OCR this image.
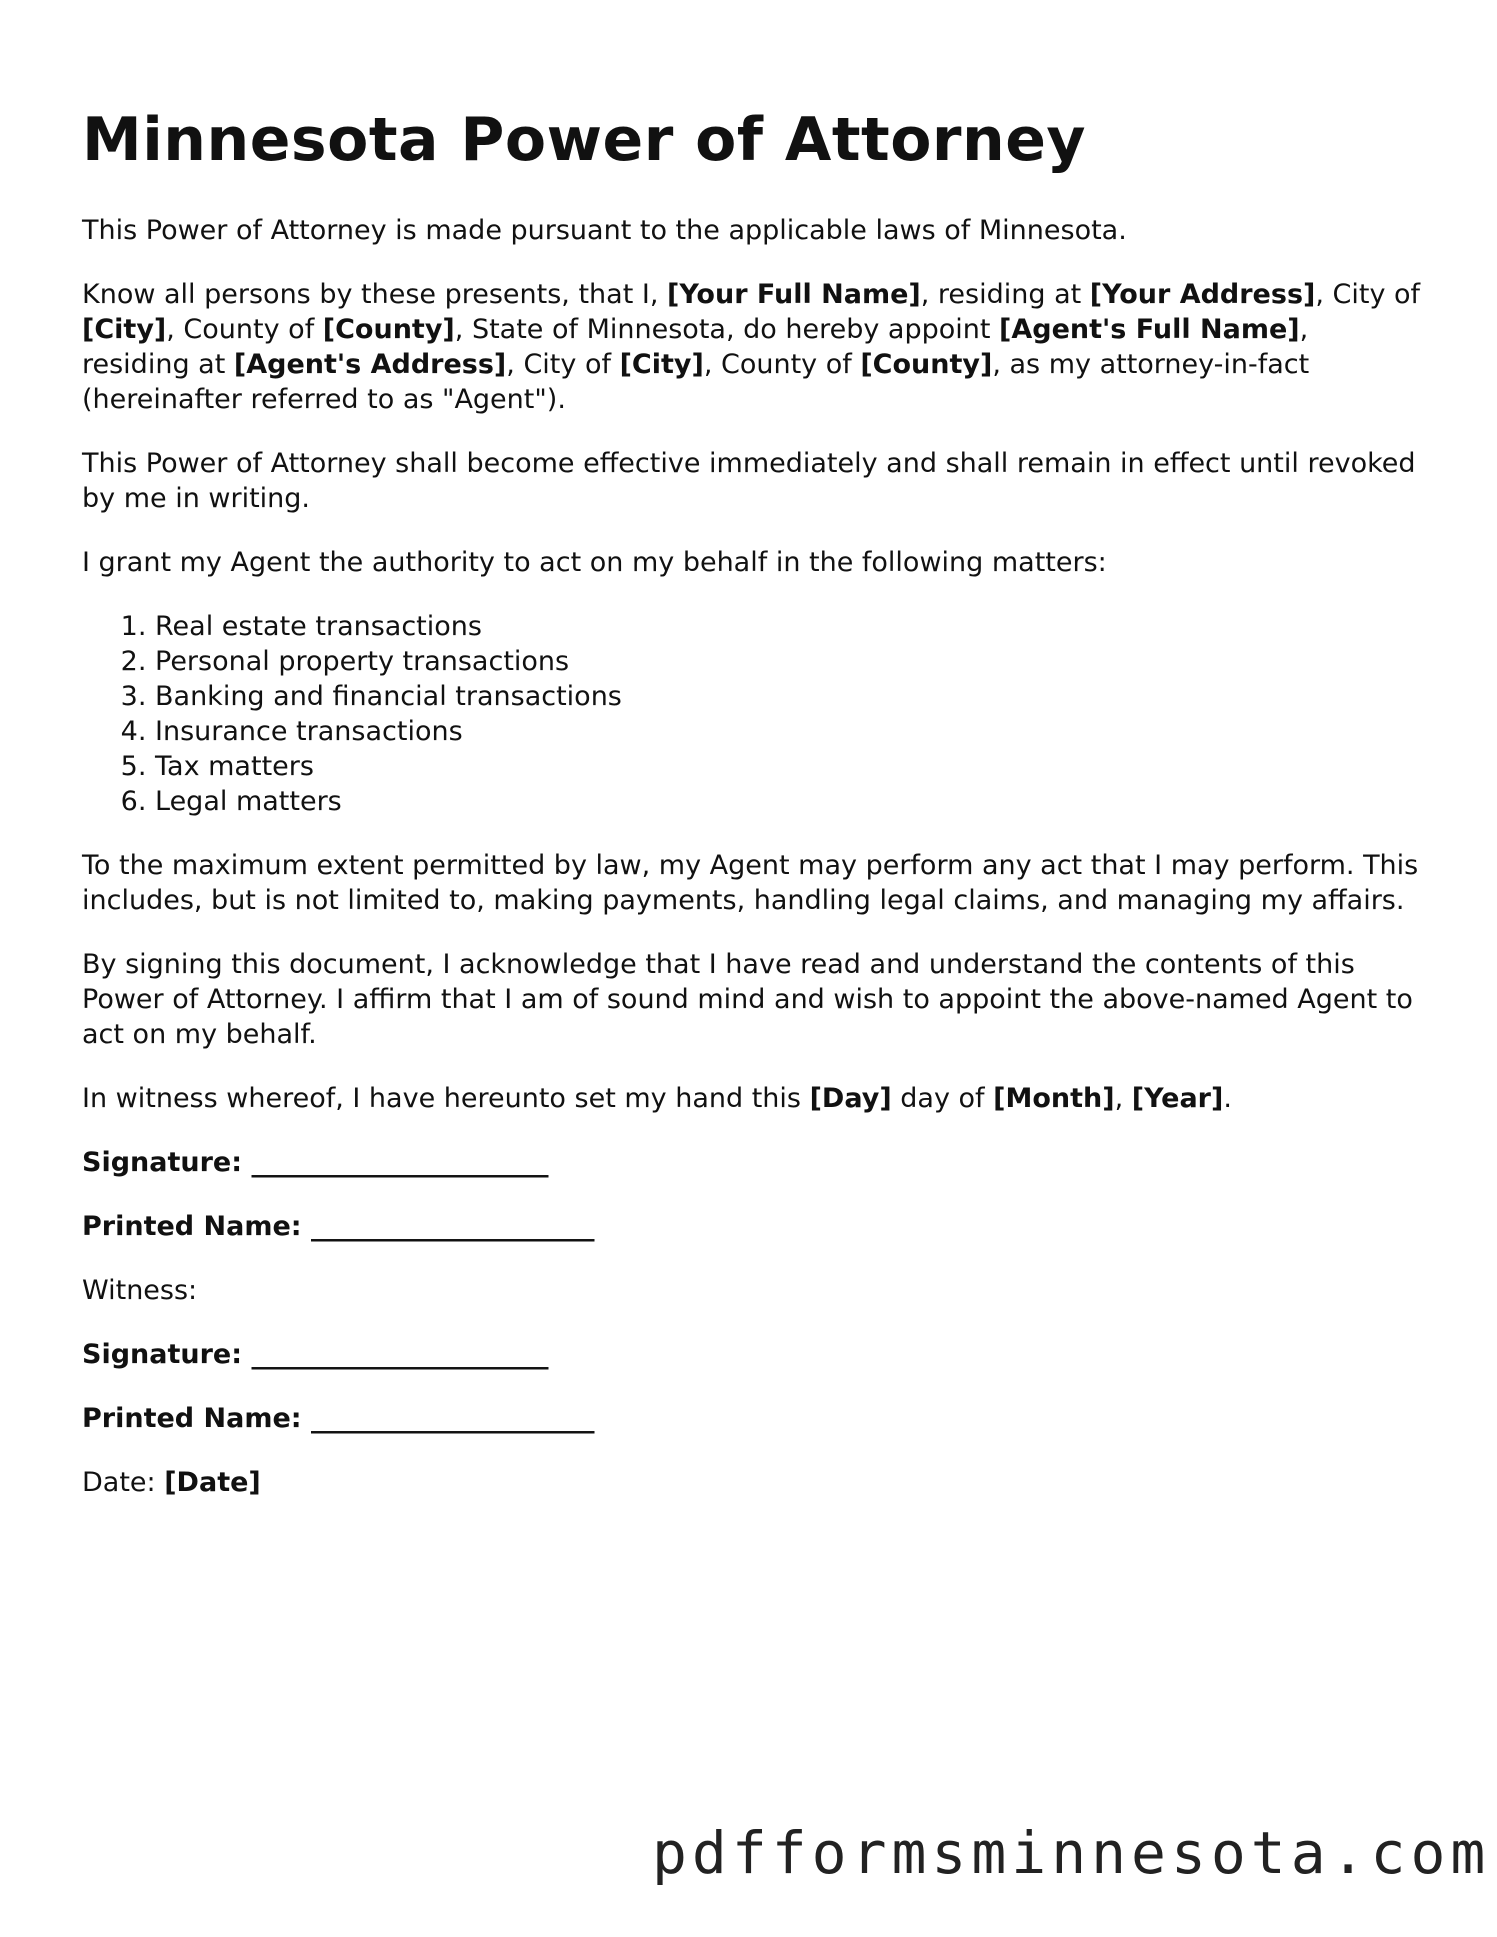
Minnesota Power of Attorney

This Power of Attorney is made pursuant to the applicable laws of Minnesota.

Know all persons by these presents, that I, [Your Full Name], residing at [Your Address], City of [City], County of [County], State of Minnesota, do hereby appoint [Agent's Full Name], residing at [Agent's Address], City of [City], County of [County], as my attorney-in-fact (hereinafter referred to as "Agent").

This Power of Attorney shall become effective immediately and shall remain in effect until revoked by me in writing.

I grant my Agent the authority to act on my behalf in the following matters:

1. Real estate transactions
2. Personal property transactions
3. Banking and financial transactions
4. Insurance transactions
5. Tax matters
6. Legal matters

To the maximum extent permitted by law, my Agent may perform any act that I may perform. This includes, but is not limited to, making payments, handling legal claims, and managing my affairs.

By signing this document, I acknowledge that I have read and understand the contents of this Power of Attorney. I affirm that I am of sound mind and wish to appoint the above-named Agent to act on my behalf.

In witness whereof, I have hereunto set my hand this [Day] day of [Month], [Year].

Signature: ______________________

Printed Name: _____________________

Witness:

Signature: ______________________

Printed Name: _____________________

Date: [Date]

pdfformsminnesota.com
